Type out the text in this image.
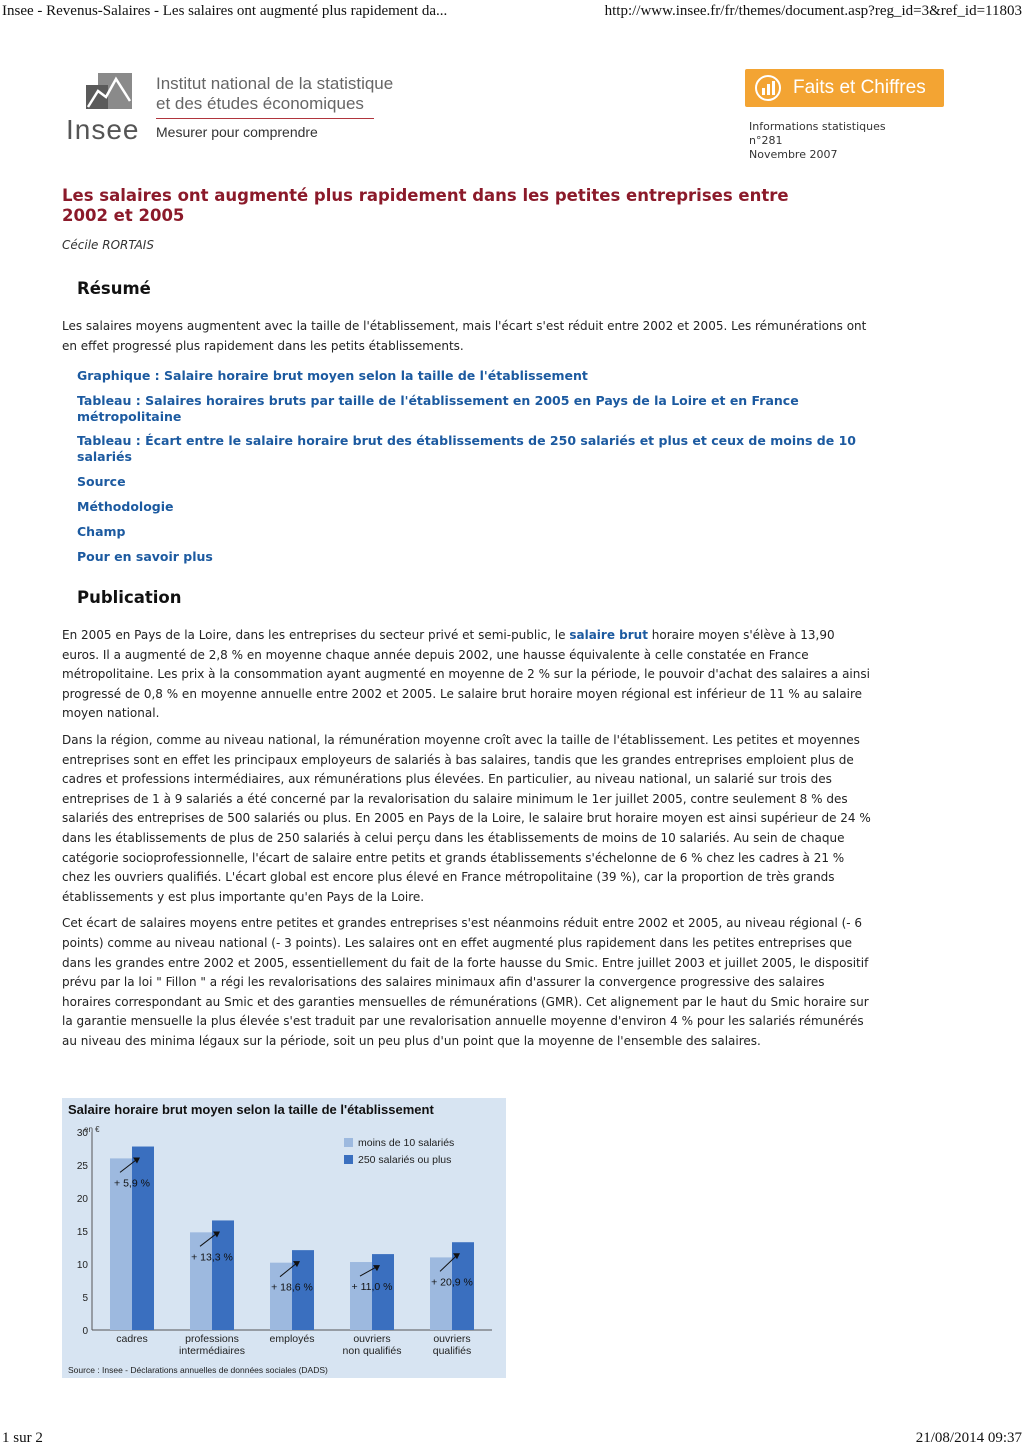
Insee - Revenus-Salaires - Les salaires ont augmenté plus rapidement da...	http://www.insee.fr/fr/themes/document.asp?reg_id=3&ref_id=11803
Insee
Institut national de la statistique
et des études économiques
Mesurer pour comprendre
Faits et Chiffres
Informations statistiques
n°281
Novembre 2007
Les salaires ont augmenté plus rapidement dans les petites entreprises entre 2002 et 2005
Cécile RORTAIS
Résumé

Les salaires moyens augmentent avec la taille de l'établissement, mais l'écart s'est réduit entre 2002 et 2005. Les rémunérations ont en effet progressé plus rapidement dans les petits établissements.

Graphique : Salaire horaire brut moyen selon la taille de l'établissement
Tableau : Salaires horaires bruts par taille de l'établissement en 2005 en Pays de la Loire et en France métropolitaine
Tableau : Écart entre le salaire horaire brut des établissements de 250 salariés et plus et ceux de moins de 10 salariés
Source
Méthodologie
Champ
Pour en savoir plus
Publication

En 2005 en Pays de la Loire, dans les entreprises du secteur privé et semi-public, le salaire brut horaire moyen s'élève à 13,90 euros. Il a augmenté de 2,8 % en moyenne chaque année depuis 2002, une hausse équivalente à celle constatée en France métropolitaine. Les prix à la consommation ayant augmenté en moyenne de 2 % sur la période, le pouvoir d'achat des salaires a ainsi progressé de 0,8 % en moyenne annuelle entre 2002 et 2005. Le salaire brut horaire moyen régional est inférieur de 11 % au salaire moyen national.

Dans la région, comme au niveau national, la rémunération moyenne croît avec la taille de l'établissement. Les petites et moyennes entreprises sont en effet les principaux employeurs de salariés à bas salaires, tandis que les grandes entreprises emploient plus de cadres et professions intermédiaires, aux rémunérations plus élevées. En particulier, au niveau national, un salarié sur trois des entreprises de 1 à 9 salariés a été concerné par la revalorisation du salaire minimum le 1er juillet 2005, contre seulement 8 % des salariés des entreprises de 500 salariés ou plus. En 2005 en Pays de la Loire, le salaire brut horaire moyen est ainsi supérieur de 24 % dans les établissements de plus de 250 salariés à celui perçu dans les établissements de moins de 10 salariés. Au sein de chaque catégorie socioprofessionnelle, l'écart de salaire entre petits et grands établissements s'échelonne de 6 % chez les cadres à 21 % chez les ouvriers qualifiés. L'écart global est encore plus élevé en France métropolitaine (39 %), car la proportion de très grands établissements y est plus importante qu'en Pays de la Loire.

Cet écart de salaires moyens entre petites et grandes entreprises s'est néanmoins réduit entre 2002 et 2005, au niveau régional (- 6 points) comme au niveau national (- 3 points). Les salaires ont en effet augmenté plus rapidement dans les petites entreprises que dans les grandes entre 2002 et 2005, essentiellement du fait de la forte hausse du Smic. Entre juillet 2003 et juillet 2005, le dispositif prévu par la loi " Fillon " a régi les revalorisations des salaires minimaux afin d'assurer la convergence progressive des salaires horaires correspondant au Smic et des garanties mensuelles de rémunérations (GMR). Cet alignement par le haut du Smic horaire sur la garantie mensuelle la plus élevée s'est traduit par une revalorisation annuelle moyenne d'environ 4 % pour les salariés rémunérés au niveau des minima légaux sur la période, soit un peu plus d'un point que la moyenne de l'ensemble des salaires.

Salaire horaire brut moyen selon la taille de l'établissement
en €
0
5
10
15
20
25
30
+ 5,9 %
cadres
+ 13,3 %
professions
intermédiaires
+ 18,6 %
employés
+ 11,0 %
ouvriers
non qualifiés
+ 20,9 %
ouvriers
qualifiés
moins de 10 salariés
250 salariés ou plus
Source : Insee - Déclarations annuelles de données sociales (DADS)
1 sur 2	21/08/2014 09:37
